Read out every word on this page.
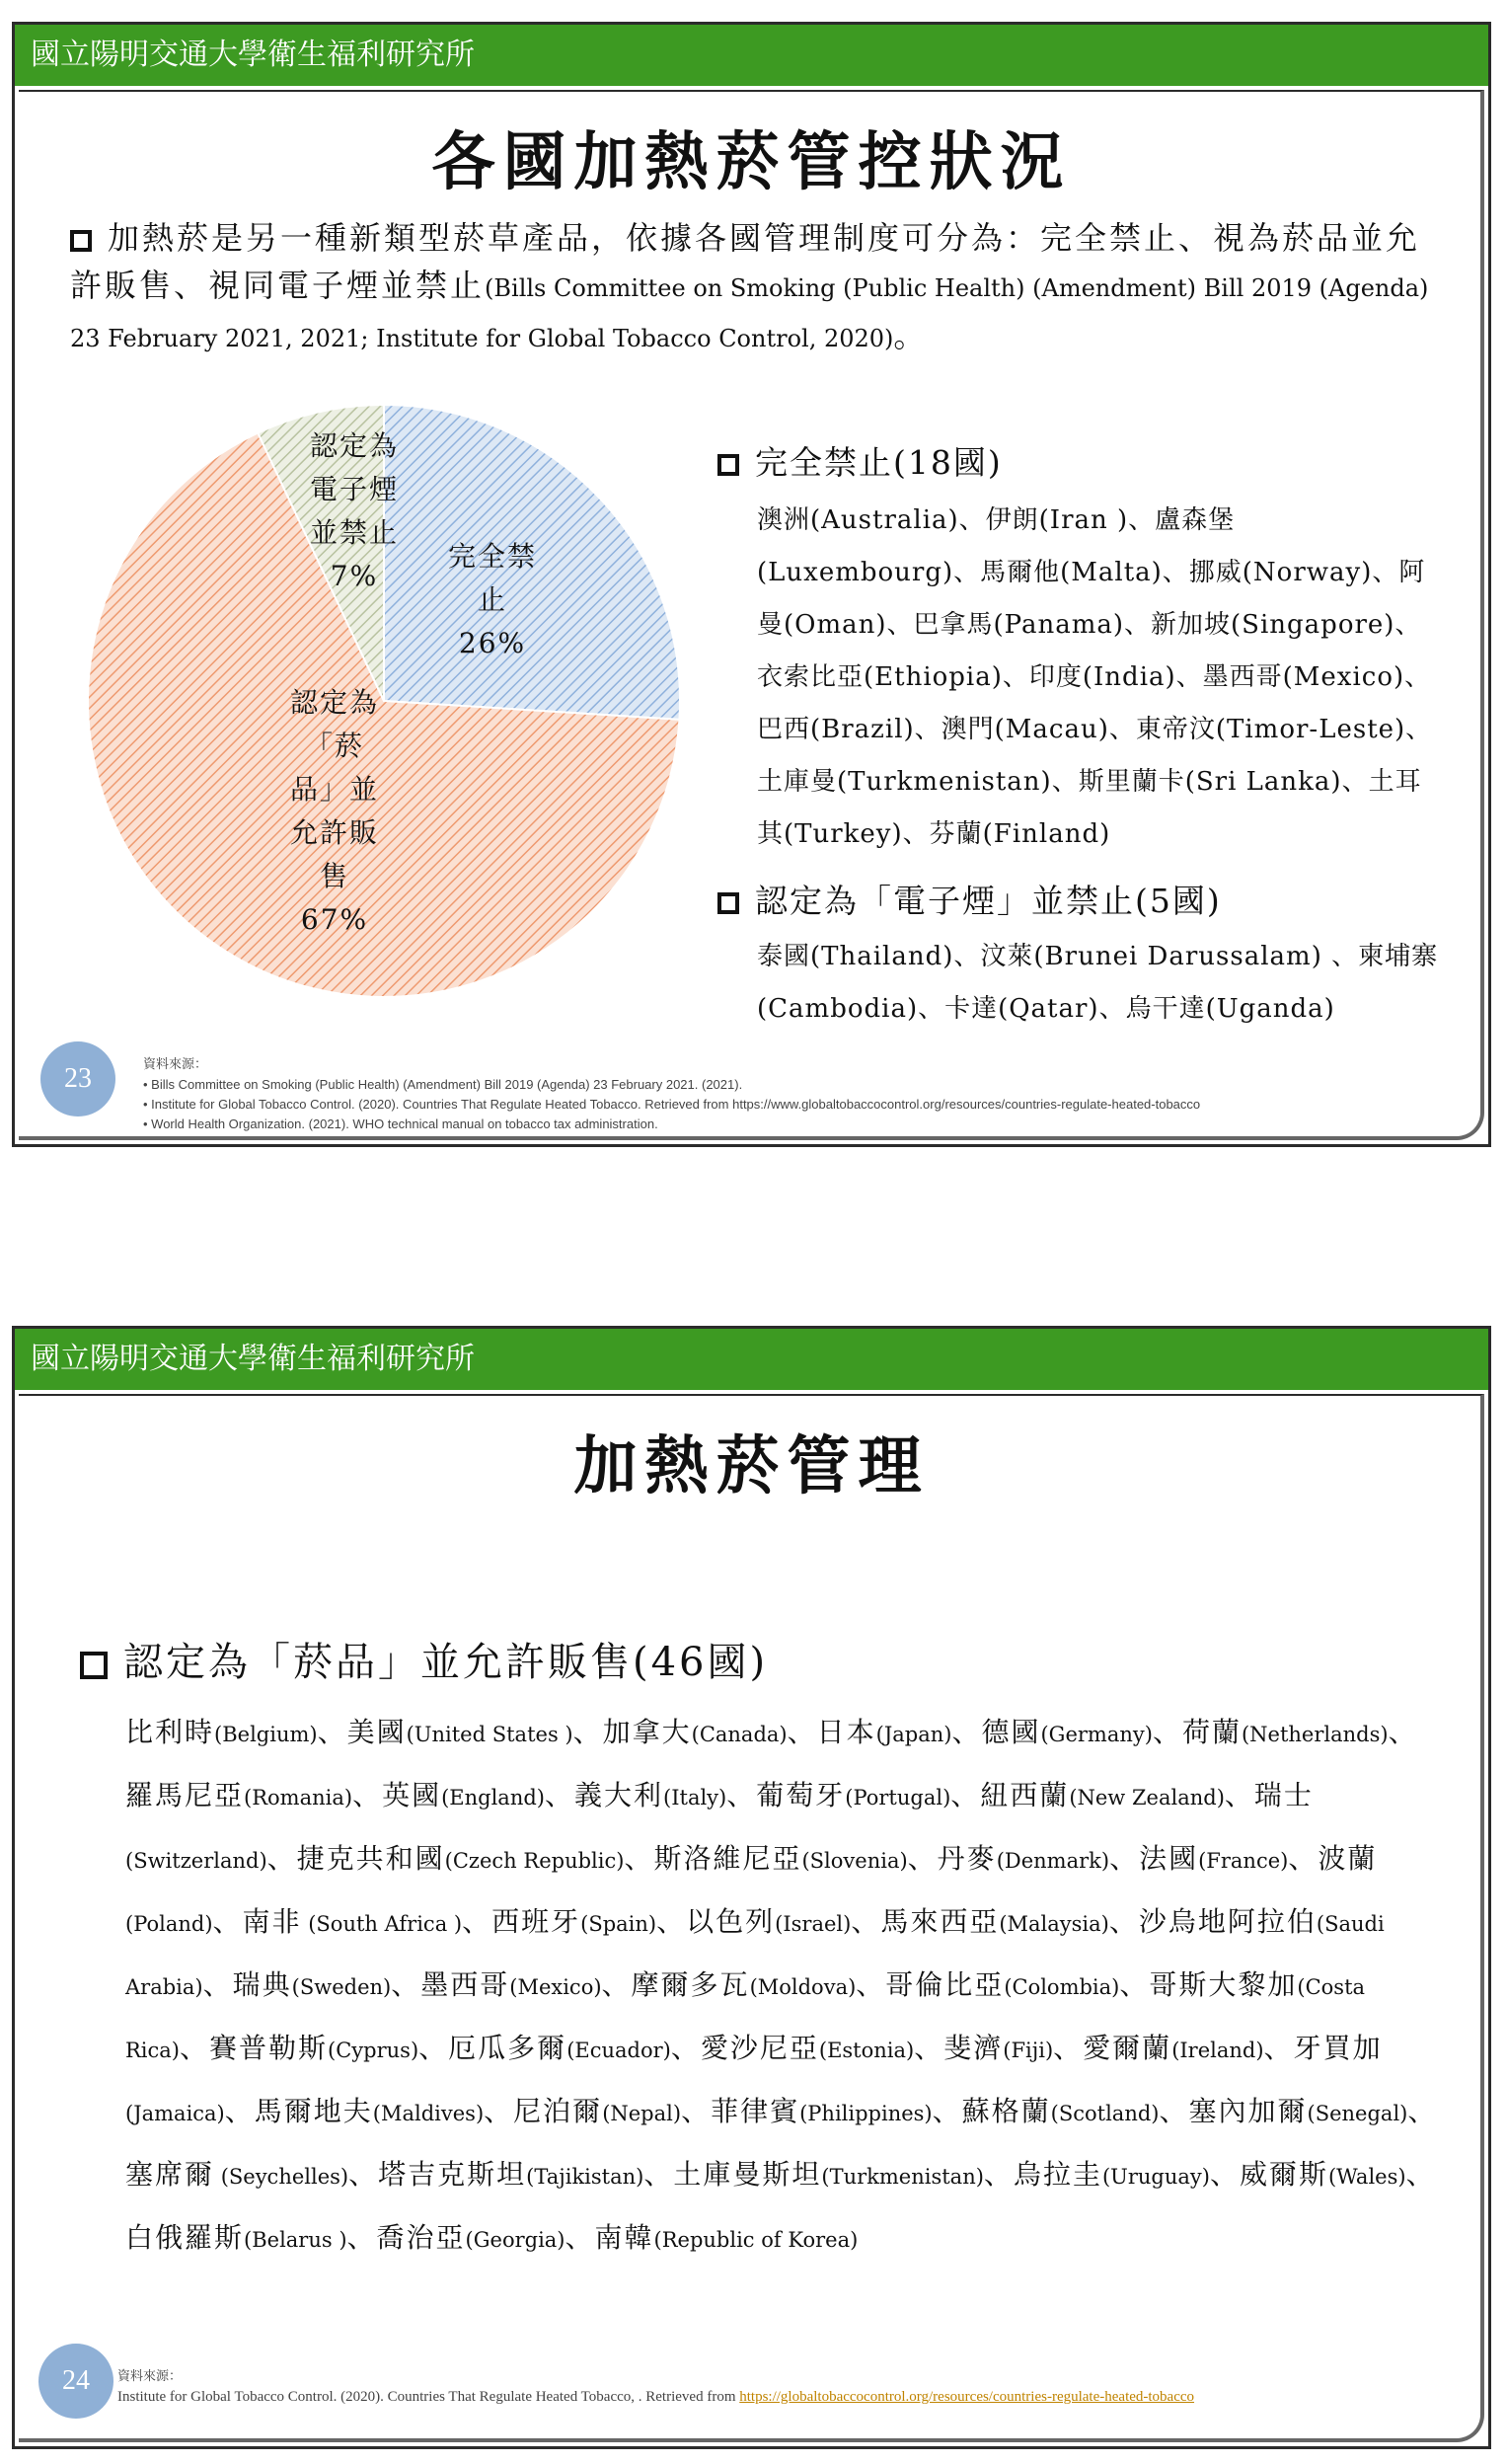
國立陽明交通大學衛生福利研究所
各國加熱菸管控狀況
加熱菸是另一種新類型菸草產品，依據各國管理制度可分為：完全禁止、視為菸品並允許販售、視同電子煙並禁止(Bills Committee on Smoking (Public Health) (Amendment) Bill 2019 (Agenda) 23 February 2021, 2021; Institute for Global Tobacco Control, 2020)。
完全禁
止
26%
認定為
電子煙
並禁止
7%
認定為
「菸
品」並
允許販
售
67%
完全禁止(18國)
澳洲(Australia)、伊朗(Iran )、盧森堡(Luxembourg)、馬爾他(Malta)、挪威(Norway)、阿曼(Oman)、巴拿馬(Panama)、新加坡(Singapore)、衣索比亞(Ethiopia)、印度(India)、墨西哥(Mexico)、巴西(Brazil)、澳門(Macau)、東帝汶(Timor-Leste)、土庫曼(Turkmenistan)、斯里蘭卡(Sri Lanka)、土耳其(Turkey)、芬蘭(Finland)
認定為「電子煙」並禁止(5國)
泰國(Thailand)、汶萊(Brunei Darussalam) 、柬埔寨(Cambodia)、卡達(Qatar)、烏干達(Uganda)
23	資料來源：
• Bills Committee on Smoking (Public Health) (Amendment) Bill 2019 (Agenda) 23 February 2021. (2021).
• Institute for Global Tobacco Control. (2020). Countries That Regulate Heated Tobacco. Retrieved from https://www.globaltobaccocontrol.org/resources/countries-regulate-heated-tobacco
• World Health Organization. (2021). WHO technical manual on tobacco tax administration.
國立陽明交通大學衛生福利研究所
加熱菸管理
認定為「菸品」並允許販售(46國)
比利時(Belgium)、美國(United States )、加拿大(Canada)、日本(Japan)、德國(Germany)、荷蘭(Netherlands)、羅馬尼亞(Romania)、英國(England)、義大利(Italy)、葡萄牙(Portugal)、紐西蘭(New Zealand)、瑞士(Switzerland)、捷克共和國(Czech Republic)、斯洛維尼亞(Slovenia)、丹麥(Denmark)、法國(France)、波蘭(Poland)、南非 (South Africa )、西班牙(Spain)、以色列(Israel)、馬來西亞(Malaysia)、沙烏地阿拉伯(Saudi Arabia)、瑞典(Sweden)、墨西哥(Mexico)、摩爾多瓦(Moldova)、哥倫比亞(Colombia)、哥斯大黎加(Costa Rica)、賽普勒斯(Cyprus)、厄瓜多爾(Ecuador)、愛沙尼亞(Estonia)、斐濟(Fiji)、愛爾蘭(Ireland)、牙買加(Jamaica)、馬爾地夫(Maldives)、尼泊爾(Nepal)、菲律賓(Philippines)、蘇格蘭(Scotland)、塞內加爾(Senegal)、塞席爾 (Seychelles)、塔吉克斯坦(Tajikistan)、土庫曼斯坦(Turkmenistan)、烏拉圭(Uruguay)、威爾斯(Wales)、白俄羅斯(Belarus )、喬治亞(Georgia)、南韓(Republic of Korea)
24	資料來源：
Institute for Global Tobacco Control. (2020). Countries That Regulate Heated Tobacco, . Retrieved from https://globaltobaccocontrol.org/resources/countries-regulate-heated-tobacco
